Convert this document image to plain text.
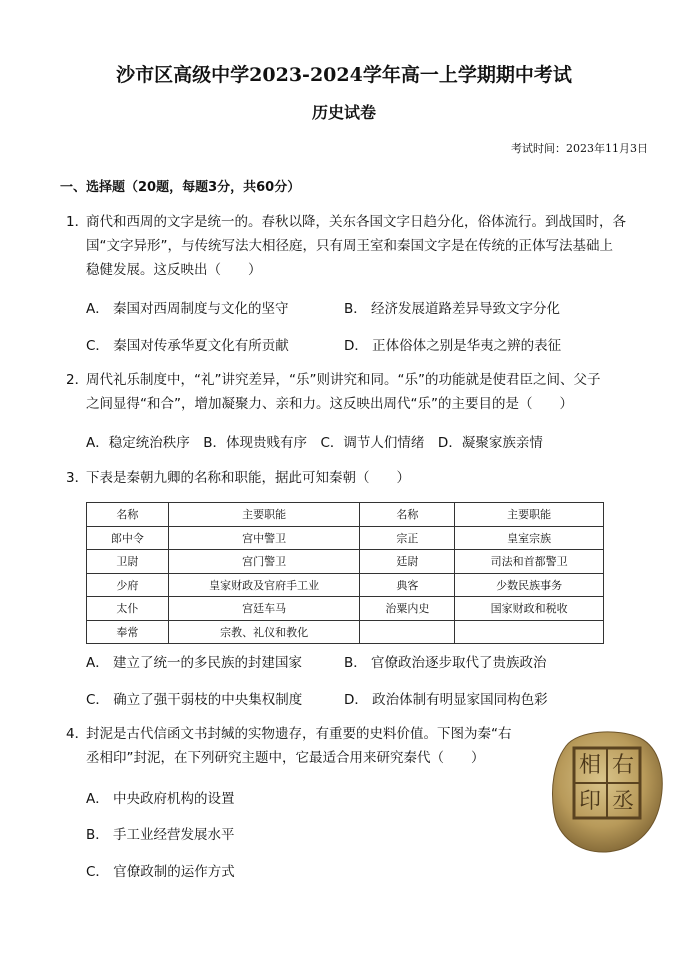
沙市区高级中学2023-2024学年高一上学期期中考试
历史试卷
考试时间：2023年11月3日
一、选择题（20题，每题3分，共60分）
1．商代和西周的文字是统一的。春秋以降，关东各国文字日趋分化，俗体流行。到战国时，各
国“文字异形”，与传统写法大相径庭，只有周王室和秦国文字是在传统的正体写法基础上
稳健发展。这反映出（　　）
A． 秦国对西周制度与文化的坚守	B． 经济发展道路差异导致文字分化
C． 秦国对传承华夏文化有所贡献	D． 正体俗体之别是华夷之辨的表征
2．周代礼乐制度中，“礼”讲究差异，“乐”则讲究和同。“乐”的功能就是使君臣之间、父子
之间显得“和合”，增加凝聚力、亲和力。这反映出周代“乐”的主要目的是（　　）
A．稳定统治秩序　B．体现贵贱有序　C．调节人们情绪　D．凝聚家族亲情
3．下表是秦朝九卿的名称和职能，据此可知秦朝（　　）
名称	主要职能	名称	主要职能
郎中令	宫中警卫	宗正	皇室宗族
卫尉	宫门警卫	廷尉	司法和首都警卫
少府	皇家财政及官府手工业	典客	少数民族事务
太仆	宫廷车马	治粟内史	国家财政和税收
奉常	宗教、礼仪和教化		
A． 建立了统一的多民族的封建国家	B． 官僚政治逐步取代了贵族政治
C． 确立了强干弱枝的中央集权制度	D． 政治体制有明显家国同构色彩
4．封泥是古代信函文书封缄的实物遗存，有重要的史料价值。下图为秦“右
丞相印”封泥，在下列研究主题中，它最适合用来研究秦代（　　）
A． 中央政府机构的设置
B． 手工业经营发展水平
C． 官僚政制的运作方式
右
丞
相
印
